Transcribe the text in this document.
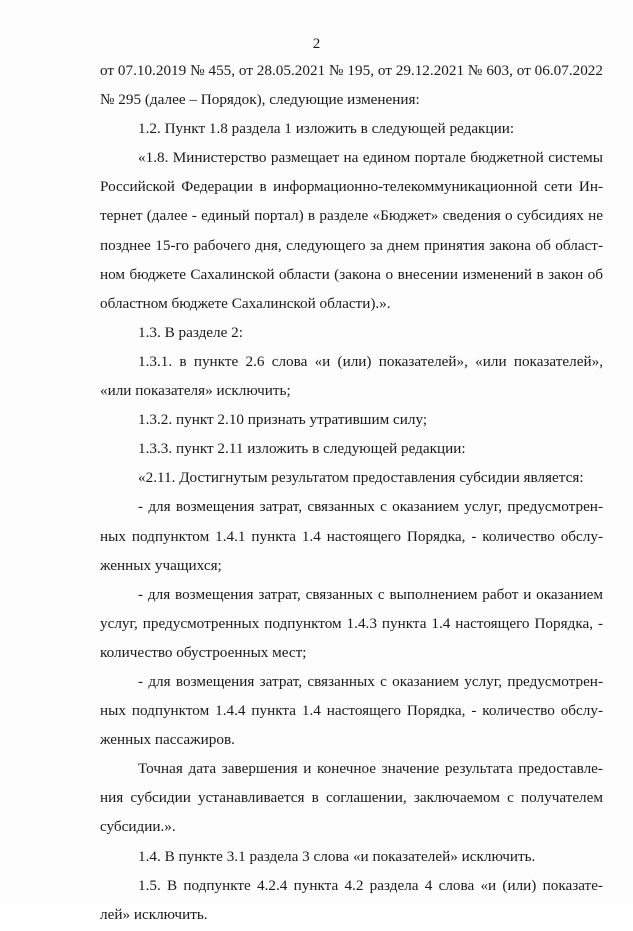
2
от 07.10.2019 № 455, от 28.05.2021 № 195, от 29.12.2021 № 603, от 06.07.2022
№ 295 (далее – Порядок), следующие изменения:
1.2. Пункт 1.8 раздела 1 изложить в следующей редакции:
«1.8. Министерство размещает на едином портале бюджетной системы
Российской Федерации в информационно-телекоммуникационной сети Ин-
тернет (далее - единый портал) в разделе «Бюджет» сведения о субсидиях не
позднее 15-го рабочего дня, следующего за днем принятия закона об област-
ном бюджете Сахалинской области (закона о внесении изменений в закон об
областном бюджете Сахалинской области).».
1.3. В разделе 2:
1.3.1. в пункте 2.6 слова «и (или) показателей», «или показателей»,
«или показателя» исключить;
1.3.2. пункт 2.10 признать утратившим силу;
1.3.3. пункт 2.11 изложить в следующей редакции:
«2.11. Достигнутым результатом предоставления субсидии является:
- для возмещения затрат, связанных с оказанием услуг, предусмотрен-
ных подпунктом 1.4.1 пункта 1.4 настоящего Порядка, - количество обслу-
женных учащихся;
- для возмещения затрат, связанных с выполнением работ и оказанием
услуг, предусмотренных подпунктом 1.4.3 пункта 1.4 настоящего Порядка, -
количество обустроенных мест;
- для возмещения затрат, связанных с оказанием услуг, предусмотрен-
ных подпунктом 1.4.4 пункта 1.4 настоящего Порядка, - количество обслу-
женных пассажиров.
Точная дата завершения и конечное значение результата предоставле-
ния субсидии устанавливается в соглашении, заключаемом с получателем
субсидии.».
1.4. В пункте 3.1 раздела 3 слова «и показателей» исключить.
1.5. В подпункте 4.2.4 пункта 4.2 раздела 4 слова «и (или) показате-
лей» исключить.
